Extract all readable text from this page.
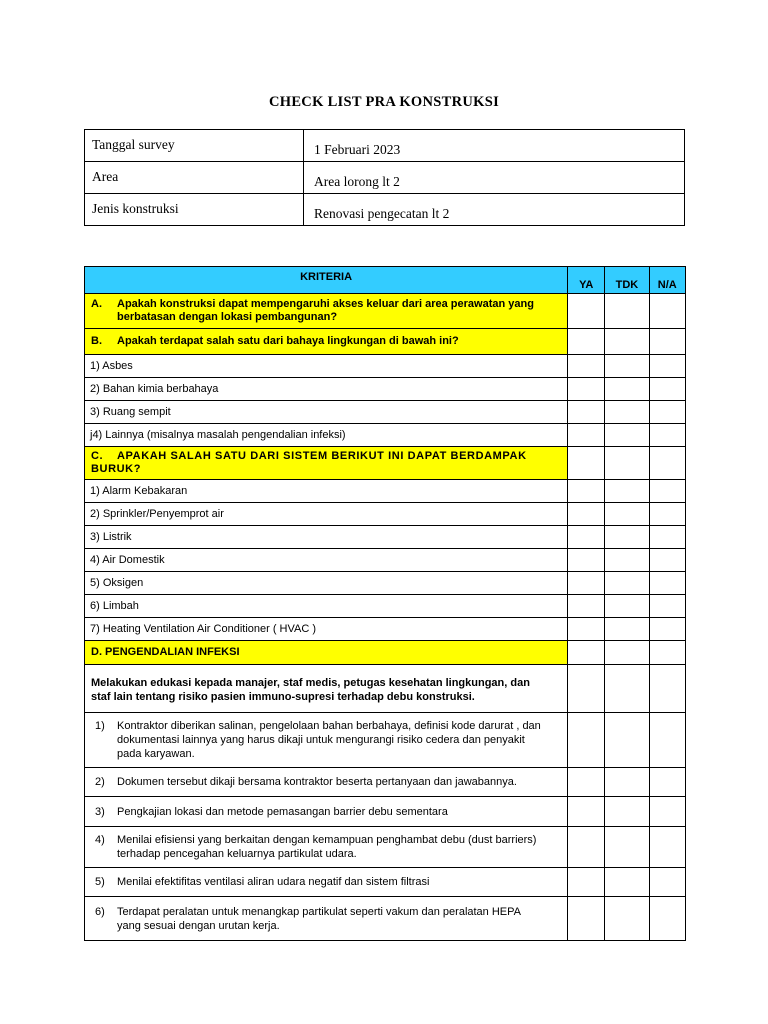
CHECK LIST PRA KONSTRUKSI
Tanggal survey	1 Februari 2023
Area	Area lorong lt 2
Jenis konstruksi	Renovasi pengecatan lt 2
KRITERIA	YA	TDK	N/A
A. Apakah konstruksi dapat mempengaruhi akses keluar dari area perawatan yang
berbatasan dengan lokasi pembangunan?			

B. Apakah terdapat salah satu dari bahaya lingkungan di bawah ini?			
1) Asbes			
2) Bahan kimia berbahaya			
3) Ruang sempit			
j4) Lainnya (misalnya masalah pengendalian infeksi)			
C. APAKAH SALAH SATU DARI SISTEM BERIKUT INI DAPAT BERDAMPAK BURUK?			
1) Alarm Kebakaran			
2) Sprinkler/Penyemprot air			
3) Listrik			
4) Air Domestik			
5) Oksigen			
6) Limbah			
7) Heating Ventilation Air Conditioner ( HVAC )			
D. PENGENDALIAN INFEKSI			

Melakukan edukasi kepada manajer, staf medis, petugas kesehatan lingkungan, dan
staf lain tentang risiko pasien immuno-supresi terhadap debu konstruksi.			

1) Kontraktor diberikan salinan, pengelolaan bahan berbahaya, definisi kode darurat , dan
dokumentasi lainnya yang harus dikaji untuk mengurangi risiko cedera dan penyakit
pada karyawan.			

2) Dokumen tersebut dikaji bersama kontraktor beserta pertanyaan dan jawabannya.			

3) Pengkajian lokasi dan metode pemasangan barrier debu sementara			

4) Menilai efisiensi yang berkaitan dengan kemampuan penghambat debu (dust barriers)
terhadap pencegahan keluarnya partikulat udara.			

5) Menilai efektifitas ventilasi aliran udara negatif dan sistem filtrasi			

6) Terdapat peralatan untuk menangkap partikulat seperti vakum dan peralatan HEPA
yang sesuai dengan urutan kerja.			
